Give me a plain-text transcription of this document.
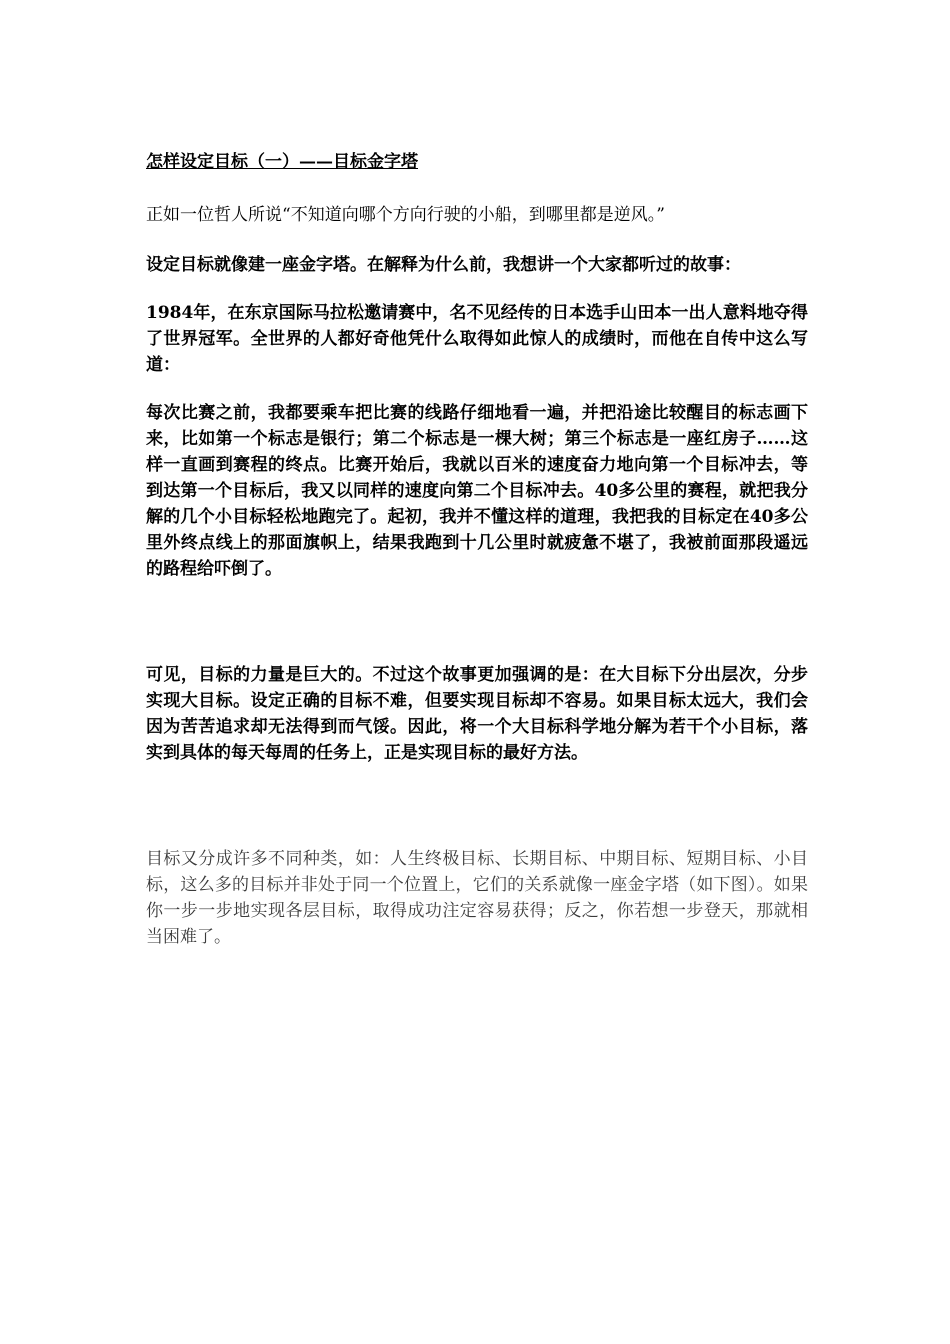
怎样设定目标（一）——目标金字塔

正如一位哲人所说“不知道向哪个方向行驶的小船，到哪里都是逆风。”

设定目标就像建一座金字塔。在解释为什么前，我想讲一个大家都听过的故事：

1984年，在东京国际马拉松邀请赛中，名不见经传的日本选手山田本一出人意料地夺得了世界冠军。全世界的人都好奇他凭什么取得如此惊人的成绩时，而他在自传中这么写道：

每次比赛之前，我都要乘车把比赛的线路仔细地看一遍，并把沿途比较醒目的标志画下来，比如第一个标志是银行；第二个标志是一棵大树；第三个标志是一座红房子……这样一直画到赛程的终点。比赛开始后，我就以百米的速度奋力地向第一个目标冲去，等到达第一个目标后，我又以同样的速度向第二个目标冲去。40多公里的赛程，就把我分解的几个小目标轻松地跑完了。起初，我并不懂这样的道理，我把我的目标定在40多公里外终点线上的那面旗帜上，结果我跑到十几公里时就疲惫不堪了，我被前面那段遥远的路程给吓倒了。

可见，目标的力量是巨大的。不过这个故事更加强调的是：在大目标下分出层次，分步实现大目标。设定正确的目标不难，但要实现目标却不容易。如果目标太远大，我们会因为苦苦追求却无法得到而气馁。因此，将一个大目标科学地分解为若干个小目标，落实到具体的每天每周的任务上，正是实现目标的最好方法。

目标又分成许多不同种类，如：人生终极目标、长期目标、中期目标、短期目标、小目标，这么多的目标并非处于同一个位置上，它们的关系就像一座金字塔（如下图）。如果你一步一步地实现各层目标，取得成功注定容易获得；反之，你若想一步登天，那就相当困难了。
